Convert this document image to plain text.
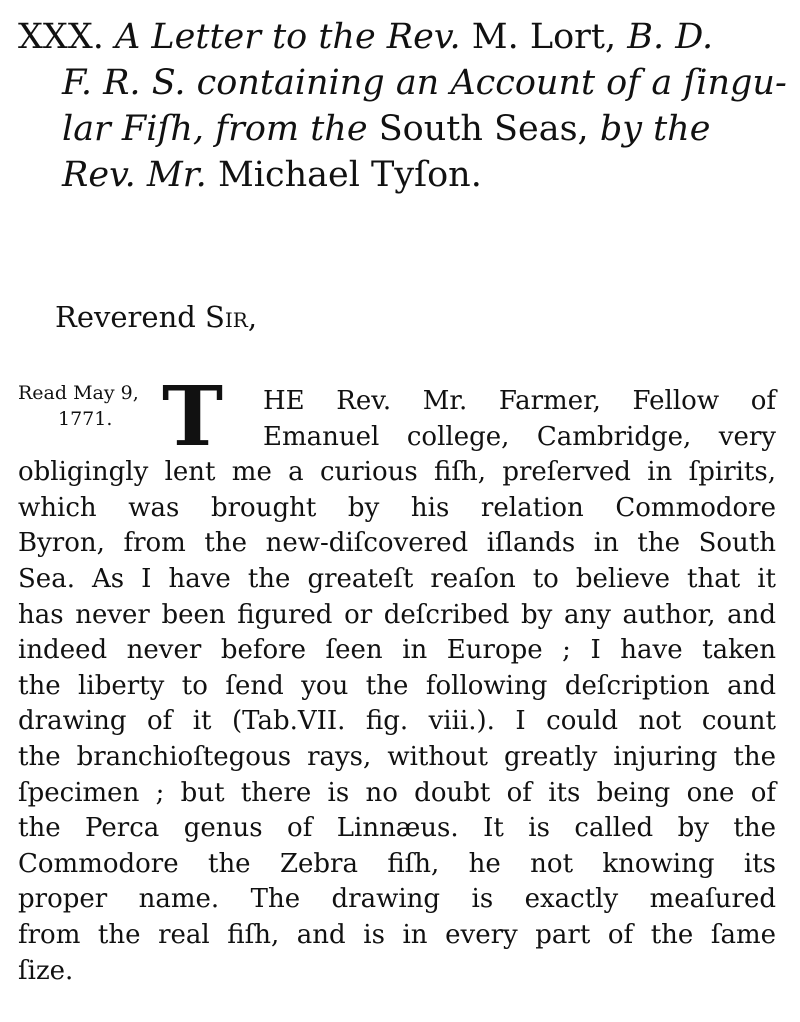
XXX. A Letter to the Rev. M. Lort, B. D.
F. R. S. containing an Account of a ſingu-
lar Fiſh, from the South Seas, by the
Rev. Mr. Michael Tyſon.
Reverend Sir,
Read May 9,
1771. T	HE Rev. Mr. Farmer, Fellow of
Emanuel college, Cambridge, very
obligingly lent me a curious fiſh, preſerved in ſpirits,
which was brought by his relation Commodore
Byron, from the new-diſcovered iſlands in the South
Sea. As I have the greateſt reaſon to believe that it
has never been figured or deſcribed by any author, and
indeed never before ſeen in Europe ; I have taken
the liberty to ſend you the following deſcription and
drawing of it (Tab.VII. fig. viii.). I could not count
the branchioſtegous rays, without greatly injuring the
ſpecimen ; but there is no doubt of its being one of
the Perca genus of Linnæus. It is called by the
Commodore the Zebra fiſh, he not knowing its
proper name. The drawing is exactly meaſured
from the real fiſh, and is in every part of the ſame
ſize.
